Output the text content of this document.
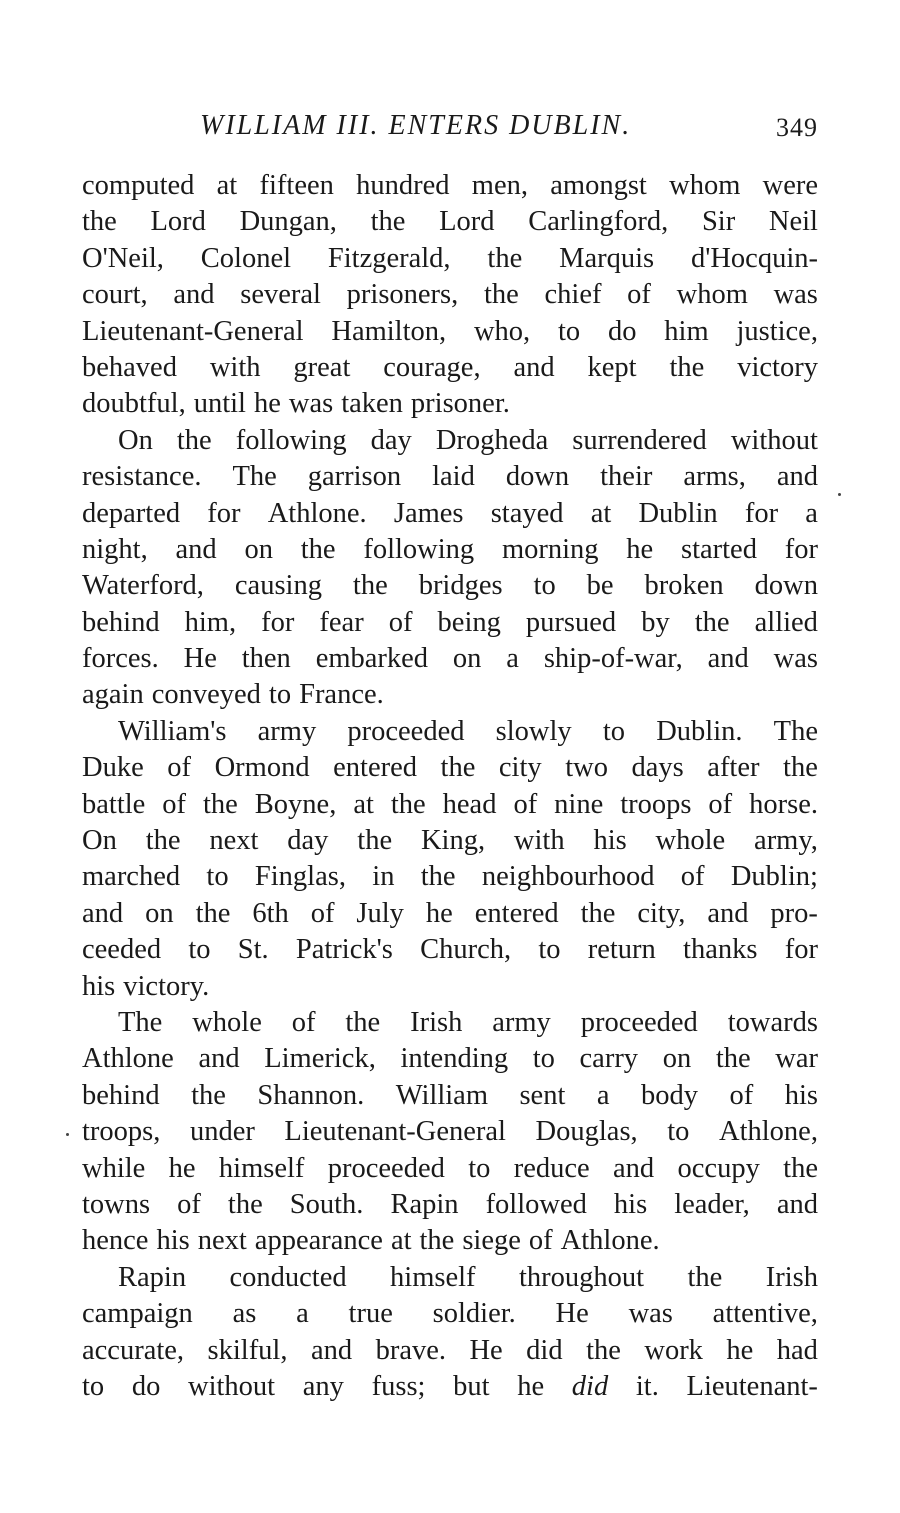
WILLIAM III. ENTERS DUBLIN.	349
computed at fifteen hundred men, amongst whom were
the Lord Dungan, the Lord Carlingford, Sir Neil
O'Neil, Colonel Fitzgerald, the Marquis d'Hocquin-
court, and several prisoners, the chief of whom was
Lieutenant-General Hamilton, who, to do him justice,
behaved with great courage, and kept the victory
doubtful, until he was taken prisoner.
On the following day Drogheda surrendered without
resistance. The garrison laid down their arms, and
departed for Athlone. James stayed at Dublin for a
night, and on the following morning he started for
Waterford, causing the bridges to be broken down
behind him, for fear of being pursued by the allied
forces. He then embarked on a ship-of-war, and was
again conveyed to France.
William's army proceeded slowly to Dublin. The
Duke of Ormond entered the city two days after the
battle of the Boyne, at the head of nine troops of horse.
On the next day the King, with his whole army,
marched to Finglas, in the neighbourhood of Dublin;
and on the 6th of July he entered the city, and pro-
ceeded to St. Patrick's Church, to return thanks for
his victory.
The whole of the Irish army proceeded towards
Athlone and Limerick, intending to carry on the war
behind the Shannon. William sent a body of his
troops, under Lieutenant-General Douglas, to Athlone,
while he himself proceeded to reduce and occupy the
towns of the South. Rapin followed his leader, and
hence his next appearance at the siege of Athlone.
Rapin conducted himself throughout the Irish
campaign as a true soldier. He was attentive,
accurate, skilful, and brave. He did the work he had
to do without any fuss; but he did it. Lieutenant-
